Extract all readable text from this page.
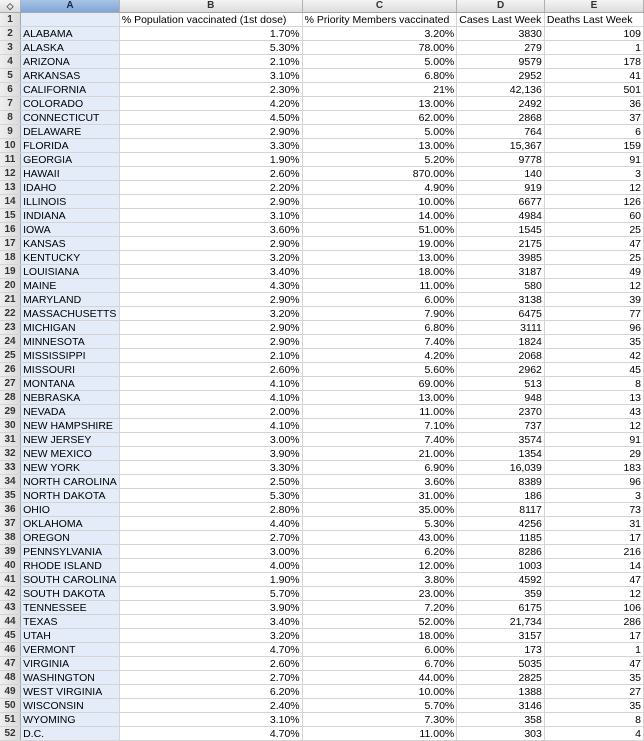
◇	A	B	C	D	E
1		% Population vaccinated (1st dose)	% Priority Members vaccinated	Cases Last Week	Deaths Last Week
2	ALABAMA	1.70%	3.20%	3830	109
3	ALASKA	5.30%	78.00%	279	1
4	ARIZONA	2.10%	5.00%	9579	178
5	ARKANSAS	3.10%	6.80%	2952	41
6	CALIFORNIA	2.30%	21%	42,136	501
7	COLORADO	4.20%	13.00%	2492	36
8	CONNECTICUT	4.50%	62.00%	2868	37
9	DELAWARE	2.90%	5.00%	764	6
10	FLORIDA	3.30%	13.00%	15,367	159
11	GEORGIA	1.90%	5.20%	9778	91
12	HAWAII	2.60%	870.00%	140	3
13	IDAHO	2.20%	4.90%	919	12
14	ILLINOIS	2.90%	10.00%	6677	126
15	INDIANA	3.10%	14.00%	4984	60
16	IOWA	3.60%	51.00%	1545	25
17	KANSAS	2.90%	19.00%	2175	47
18	KENTUCKY	3.20%	13.00%	3985	25
19	LOUISIANA	3.40%	18.00%	3187	49
20	MAINE	4.30%	11.00%	580	12
21	MARYLAND	2.90%	6.00%	3138	39
22	MASSACHUSETTS	3.20%	7.90%	6475	77
23	MICHIGAN	2.90%	6.80%	3111	96
24	MINNESOTA	2.90%	7.40%	1824	35
25	MISSISSIPPI	2.10%	4.20%	2068	42
26	MISSOURI	2.60%	5.60%	2962	45
27	MONTANA	4.10%	69.00%	513	8
28	NEBRASKA	4.10%	13.00%	948	13
29	NEVADA	2.00%	11.00%	2370	43
30	NEW HAMPSHIRE	4.10%	7.10%	737	12
31	NEW JERSEY	3.00%	7.40%	3574	91
32	NEW MEXICO	3.90%	21.00%	1354	29
33	NEW YORK	3.30%	6.90%	16,039	183
34	NORTH CAROLINA	2.50%	3.60%	8389	96
35	NORTH DAKOTA	5.30%	31.00%	186	3
36	OHIO	2.80%	35.00%	8117	73
37	OKLAHOMA	4.40%	5.30%	4256	31
38	OREGON	2.70%	43.00%	1185	17
39	PENNSYLVANIA	3.00%	6.20%	8286	216
40	RHODE ISLAND	4.00%	12.00%	1003	14
41	SOUTH CAROLINA	1.90%	3.80%	4592	47
42	SOUTH DAKOTA	5.70%	23.00%	359	12
43	TENNESSEE	3.90%	7.20%	6175	106
44	TEXAS	3.40%	52.00%	21,734	286
45	UTAH	3.20%	18.00%	3157	17
46	VERMONT	4.70%	6.00%	173	1
47	VIRGINIA	2.60%	6.70%	5035	47
48	WASHINGTON	2.70%	44.00%	2825	35
49	WEST VIRGINIA	6.20%	10.00%	1388	27
50	WISCONSIN	2.40%	5.70%	3146	35
51	WYOMING	3.10%	7.30%	358	8
52	D.C.	4.70%	11.00%	303	4
